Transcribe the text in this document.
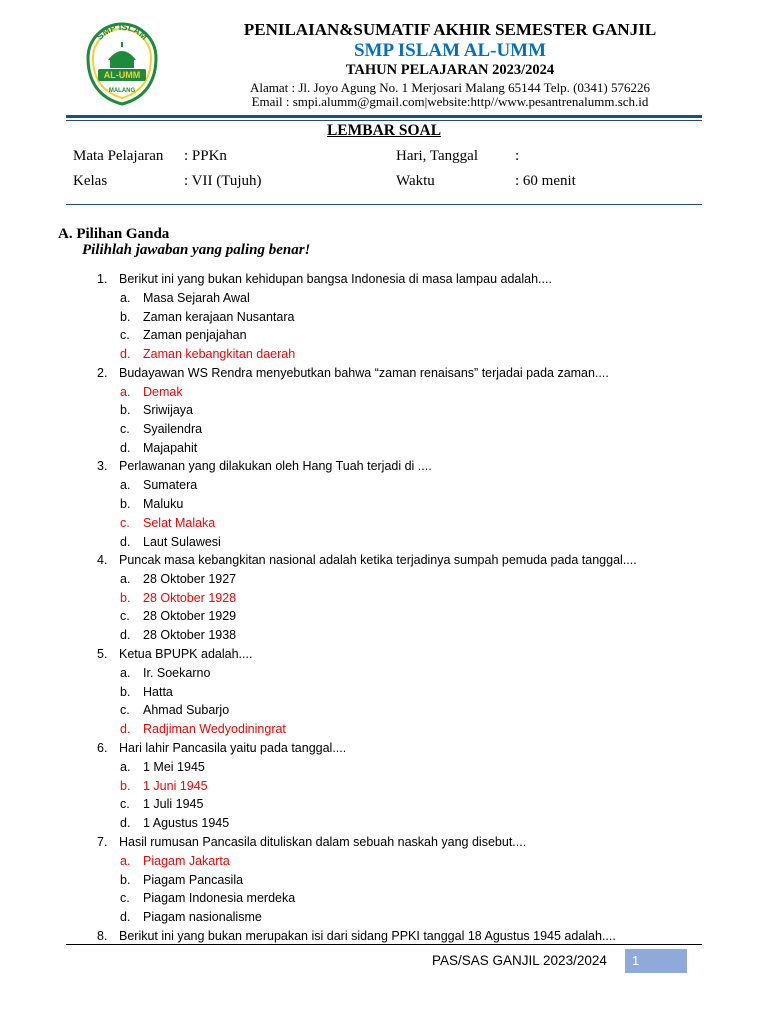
SMP ISLAM
AL-UMM
MALANG
PENILAIAN&SUMATIF AKHIR SEMESTER GANJIL
SMP ISLAM AL-UMM
TAHUN PELAJARAN 2023/2024
Alamat : Jl. Joyo Agung No. 1 Merjosari Malang 65144 Telp. (0341) 576226
Email : smpi.alumm@gmail.com|website:http//www.pesantrenalumm.sch.id
LEMBAR SOAL
Mata Pelajaran : PPKn	Hari, Tanggal :
Kelas	: VII (Tujuh)	Waktu	: 60 menit
A. Pilihan Ganda
Pilihlah jawaban yang paling benar!
1. Berikut ini yang bukan kehidupan bangsa Indonesia di masa lampau adalah....
a. Masa Sejarah Awal
b. Zaman kerajaan Nusantara
c. Zaman penjajahan
d. Zaman kebangkitan daerah
2. Budayawan WS Rendra menyebutkan bahwa “zaman renaisans” terjadai pada zaman....
a. Demak
b. Sriwijaya
c. Syailendra
d. Majapahit
3. Perlawanan yang dilakukan oleh Hang Tuah terjadi di ....
a. Sumatera
b. Maluku
c. Selat Malaka
d. Laut Sulawesi
4. Puncak masa kebangkitan nasional adalah ketika terjadinya sumpah pemuda pada tanggal....
a. 28 Oktober 1927
b. 28 Oktober 1928
c. 28 Oktober 1929
d. 28 Oktober 1938
5. Ketua BPUPK adalah....
a. Ir. Soekarno
b. Hatta
c. Ahmad Subarjo
d. Radjiman Wedyodiningrat
6. Hari lahir Pancasila yaitu pada tanggal....
a. 1 Mei 1945
b. 1 Juni 1945
c. 1 Juli 1945
d. 1 Agustus 1945
7. Hasil rumusan Pancasila dituliskan dalam sebuah naskah yang disebut....
a. Piagam Jakarta
b. Piagam Pancasila
c. Piagam Indonesia merdeka
d. Piagam nasionalisme
8. Berikut ini yang bukan merupakan isi dari sidang PPKI tanggal 18 Agustus 1945 adalah....
PAS/SAS GANJIL 2023/2024 1
